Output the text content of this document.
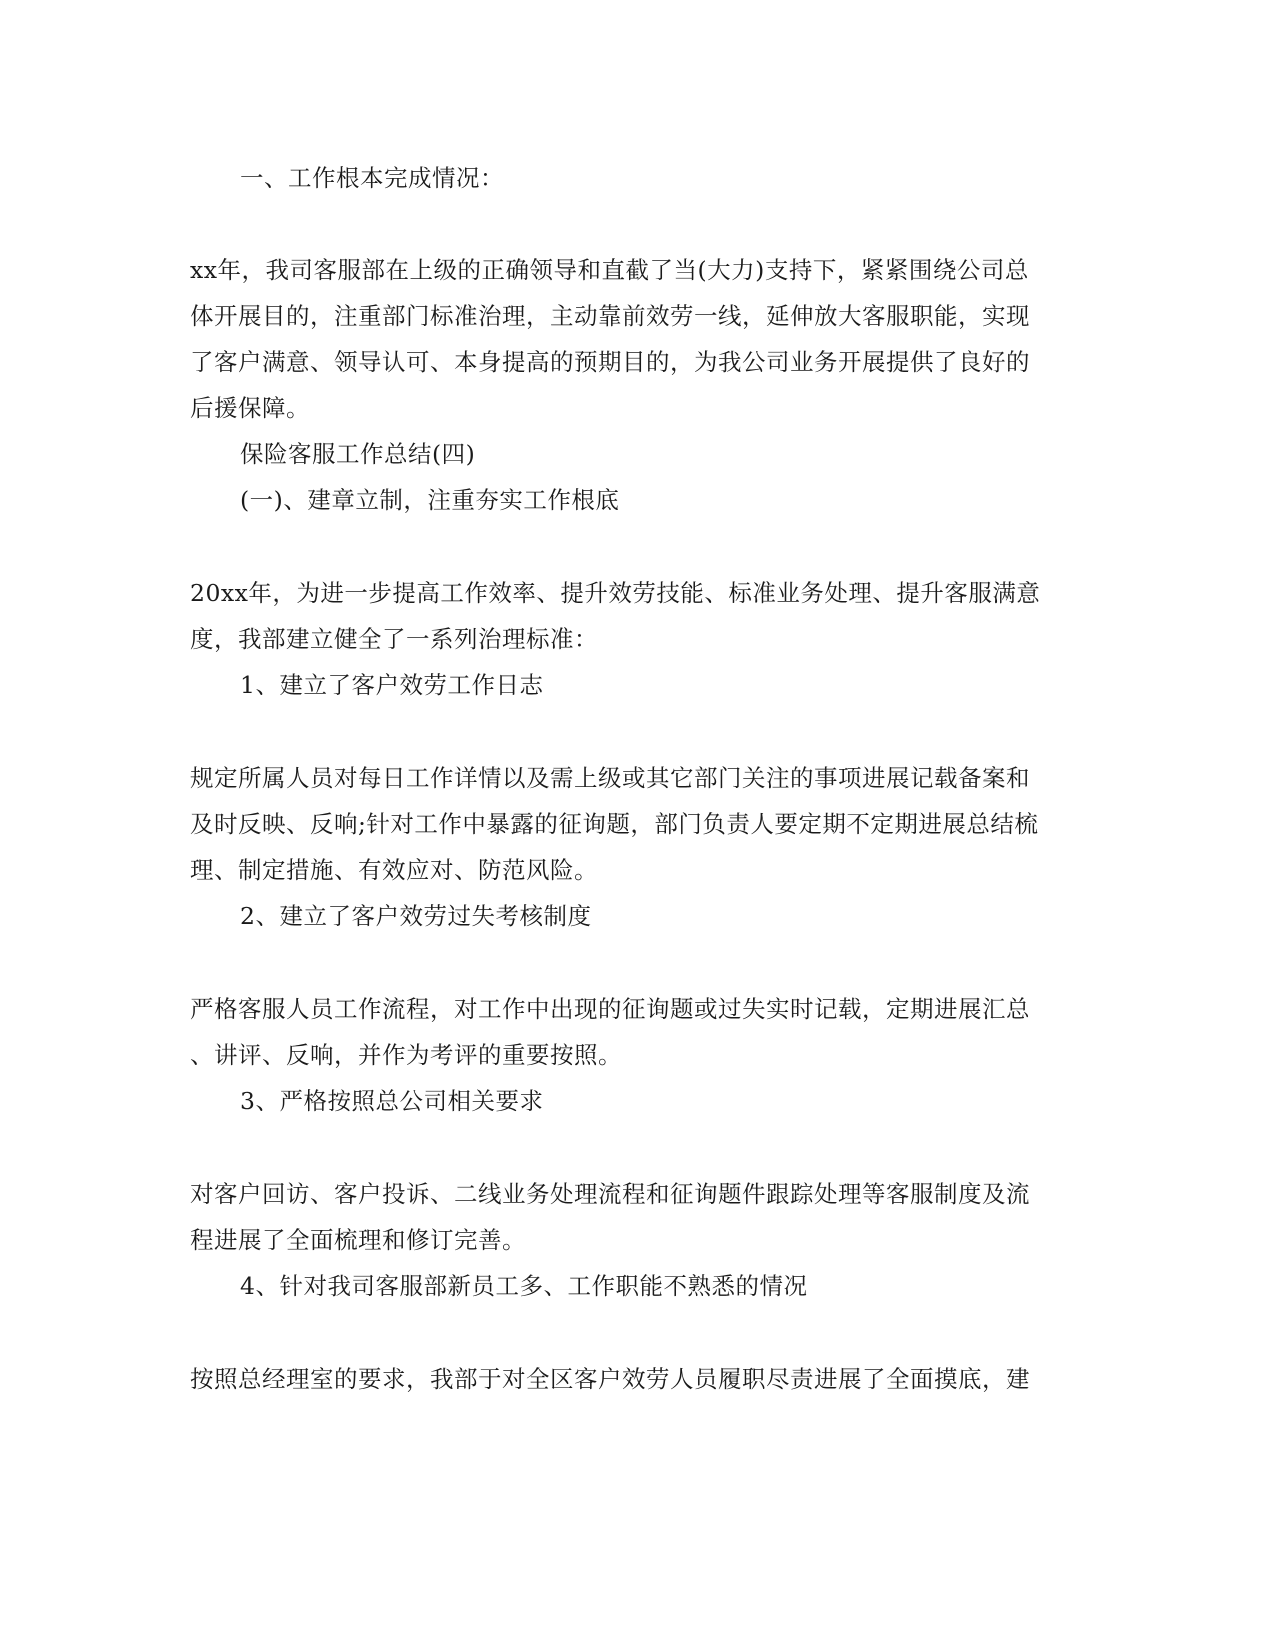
一、工作根本完成情况：
xx年，我司客服部在上级的正确领导和直截了当(大力)支持下，紧紧围绕公司总
体开展目的，注重部门标准治理，主动靠前效劳一线，延伸放大客服职能，实现
了客户满意、领导认可、本身提高的预期目的，为我公司业务开展提供了良好的
后援保障。
保险客服工作总结(四)
(一)、建章立制，注重夯实工作根底
20xx年，为进一步提高工作效率、提升效劳技能、标准业务处理、提升客服满意
度，我部建立健全了一系列治理标准：
1、建立了客户效劳工作日志
规定所属人员对每日工作详情以及需上级或其它部门关注的事项进展记载备案和
及时反映、反响;针对工作中暴露的征询题，部门负责人要定期不定期进展总结梳
理、制定措施、有效应对、防范风险。
2、建立了客户效劳过失考核制度
严格客服人员工作流程，对工作中出现的征询题或过失实时记载，定期进展汇总
、讲评、反响，并作为考评的重要按照。
3、严格按照总公司相关要求
对客户回访、客户投诉、二线业务处理流程和征询题件跟踪处理等客服制度及流
程进展了全面梳理和修订完善。
4、针对我司客服部新员工多、工作职能不熟悉的情况
按照总经理室的要求，我部于对全区客户效劳人员履职尽责进展了全面摸底，建
